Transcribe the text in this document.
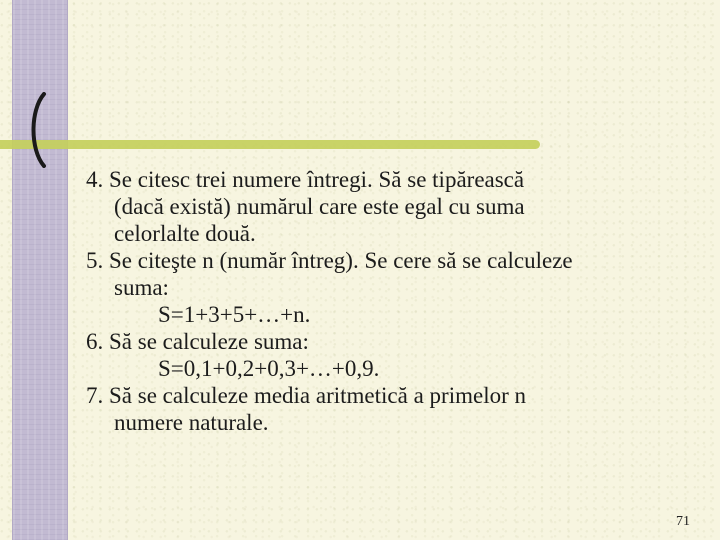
4. Se citesc trei numere întregi. Să se tipărească
(dacă există) numărul care este egal cu suma
celorlalte două.
5. Se citeşte n (număr întreg). Se cere să se calculeze
suma:
S=1+3+5+…+n.
6. Să se calculeze suma:
S=0,1+0,2+0,3+…+0,9.
7. Să se calculeze media aritmetică a primelor n
numere naturale.
71
